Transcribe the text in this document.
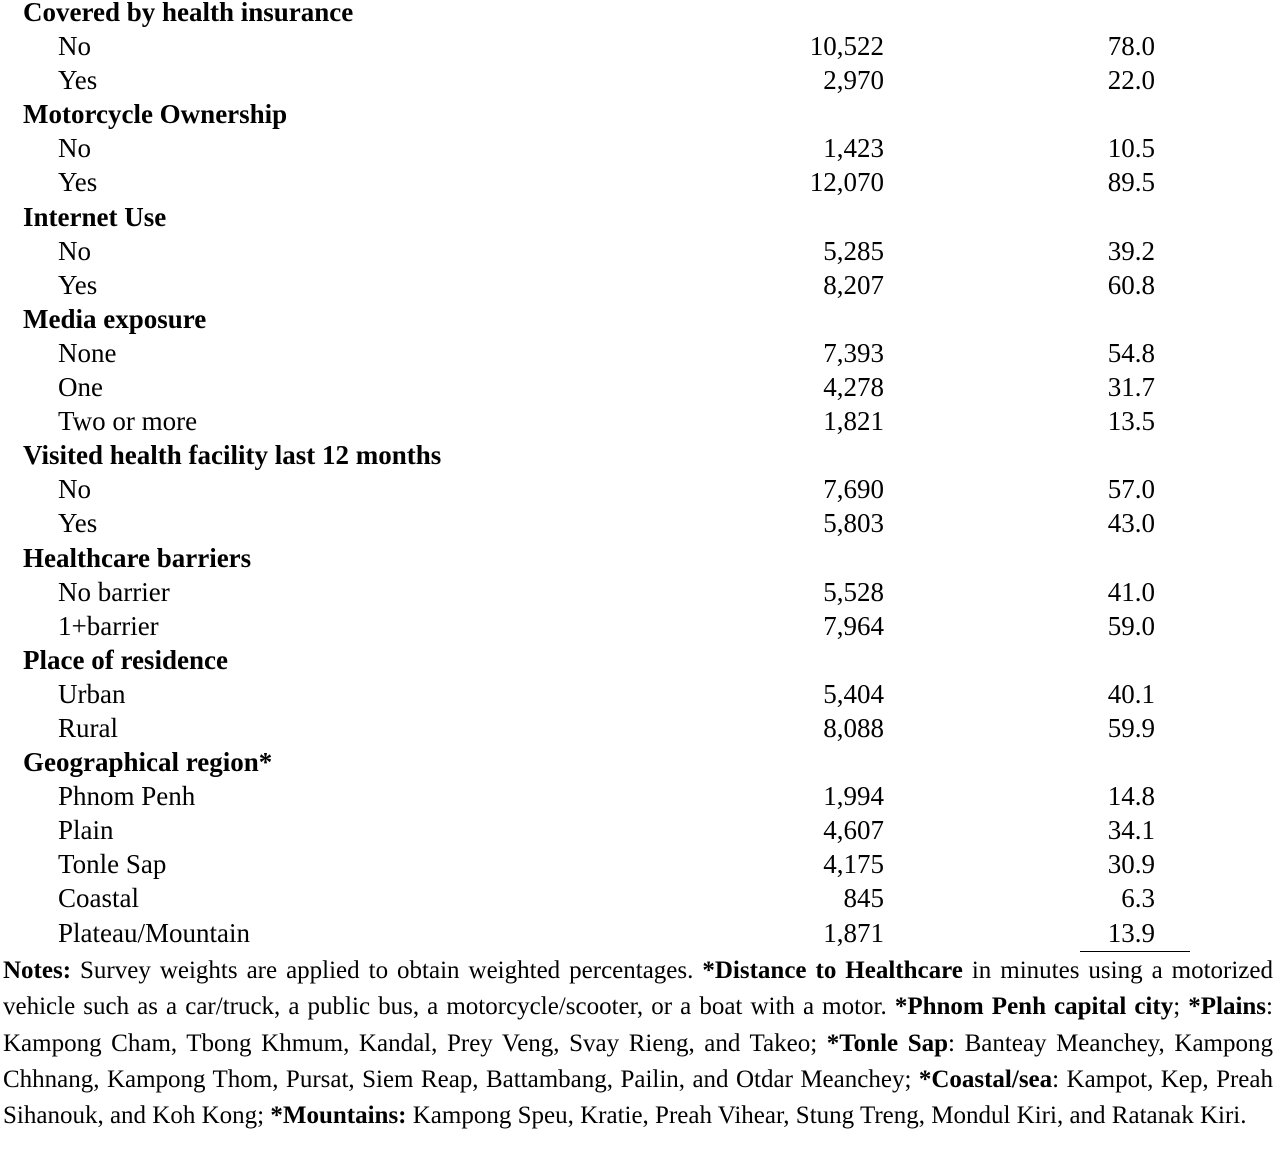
Covered by health insurance
No	10,522	78.0
Yes	2,970	22.0
Motorcycle Ownership
No	1,423	10.5
Yes	12,070	89.5
Internet Use
No	5,285	39.2
Yes	8,207	60.8
Media exposure
None	7,393	54.8
One	4,278	31.7
Two or more	1,821	13.5
Visited health facility last 12 months
No	7,690	57.0
Yes	5,803	43.0
Healthcare barriers
No barrier	5,528	41.0
1+barrier	7,964	59.0
Place of residence
Urban	5,404	40.1
Rural	8,088	59.9
Geographical region*
Phnom Penh	1,994	14.8
Plain	4,607	34.1
Tonle Sap	4,175	30.9
Coastal	845	6.3
Plateau/Mountain	1,871	13.9
Notes: Survey weights are applied to obtain weighted percentages. *Distance to Healthcare in minutes using a motorized vehicle such as a car/truck, a public bus, a motorcycle/scooter, or a boat with a motor. *Phnom Penh capital city; *Plains: Kampong Cham, Tbong Khmum, Kandal, Prey Veng, Svay Rieng, and Takeo; *Tonle Sap: Banteay Meanchey, Kampong Chhnang, Kampong Thom, Pursat, Siem Reap, Battambang, Pailin, and Otdar Meanchey; *Coastal/sea: Kampot, Kep, Preah Sihanouk, and Koh Kong; *Mountains: Kampong Speu, Kratie, Preah Vihear, Stung Treng, Mondul Kiri, and Ratanak Kiri.
